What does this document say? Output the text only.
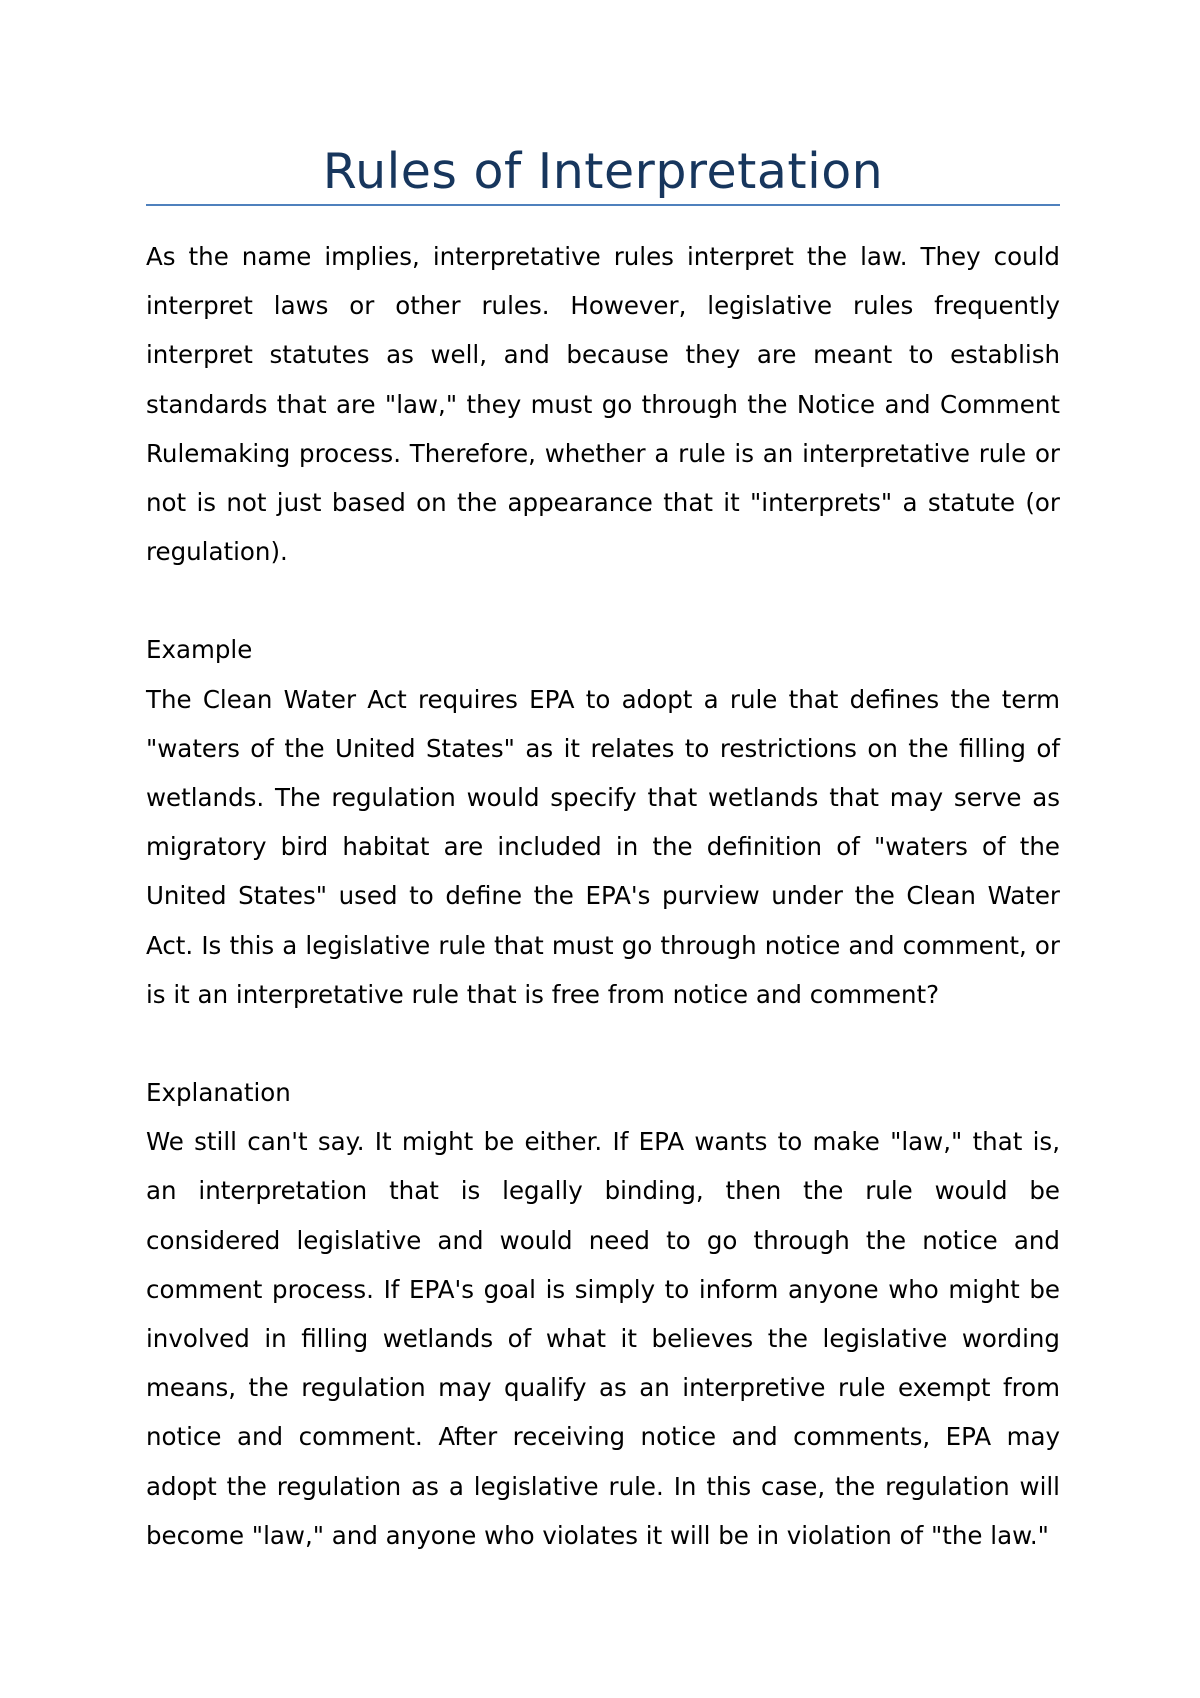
Rules of Interpretation

As the name implies, interpretative rules interpret the law. They could interpret laws or other rules. However, legislative rules frequently interpret statutes as well, and because they are meant to establish standards that are "law," they must go through the Notice and Comment Rulemaking process. Therefore, whether a rule is an interpretative rule or not is not just based on the appearance that it "interprets" a statute (or regulation).

Example

The Clean Water Act requires EPA to adopt a rule that defines the term "waters of the United States" as it relates to restrictions on the filling of wetlands. The regulation would specify that wetlands that may serve as migratory bird habitat are included in the definition of "waters of the United States" used to define the EPA's purview under the Clean Water Act. Is this a legislative rule that must go through notice and comment, or is it an interpretative rule that is free from notice and comment?

Explanation

We still can't say. It might be either. If EPA wants to make "law," that is, an interpretation that is legally binding, then the rule would be considered legislative and would need to go through the notice and comment process. If EPA's goal is simply to inform anyone who might be involved in filling wetlands of what it believes the legislative wording means, the regulation may qualify as an interpretive rule exempt from notice and comment. After receiving notice and comments, EPA may adopt the regulation as a legislative rule. In this case, the regulation will become "law," and anyone who violates it will be in violation of "the law."
